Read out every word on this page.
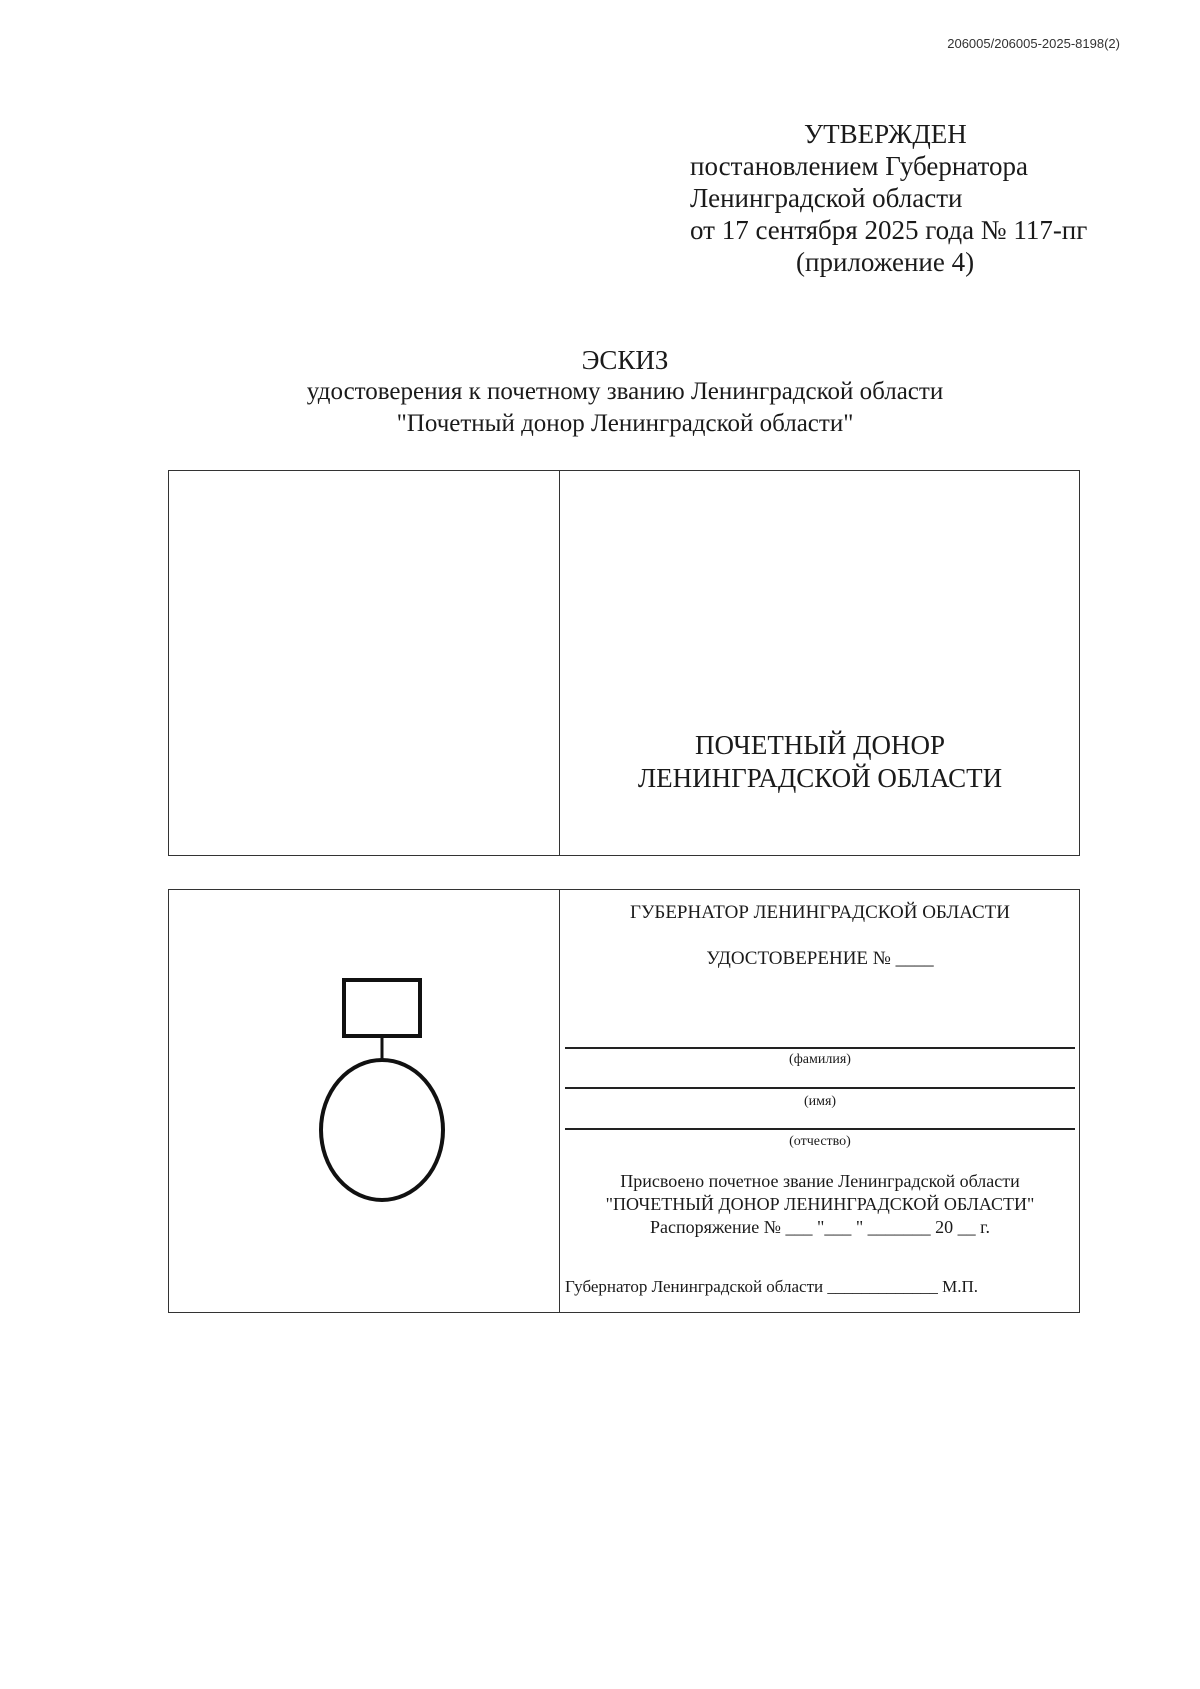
206005/206005-2025-8198(2)
УТВЕРЖДЕН
постановлением Губернатора
Ленинградской области
от 17 сентября 2025 года № 117-пг
(приложение 4)
ЭСКИЗ
удостоверения к почетному званию Ленинградской области
"Почетный донор Ленинградской области"
ПОЧЕТНЫЙ ДОНОР
ЛЕНИНГРАДСКОЙ ОБЛАСТИ
ГУБЕРНАТОР ЛЕНИНГРАДСКОЙ ОБЛАСТИ
УДОСТОВЕРЕНИЕ № ____
(фамилия)
(имя)
(отчество)
Присвоено почетное звание Ленинградской области
"ПОЧЕТНЫЙ ДОНОР ЛЕНИНГРАДСКОЙ ОБЛАСТИ"
Распоряжение № ___ "___ " _______ 20 __ г.
Губернатор Ленинградской области _____________ М.П.
